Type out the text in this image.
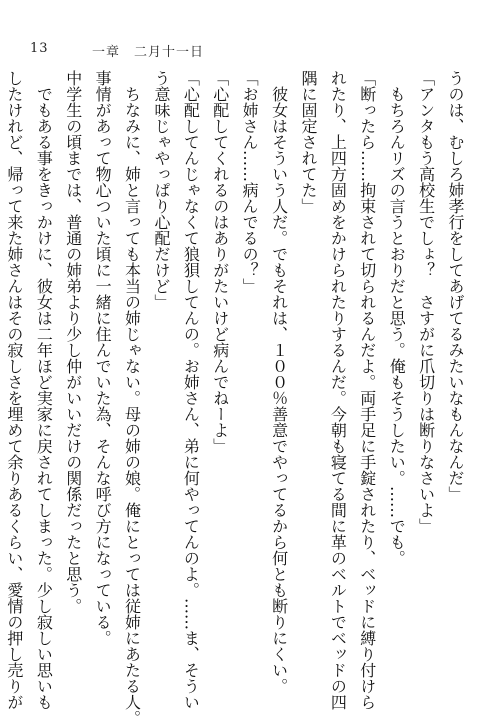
13	一章　二月十一日
うのは、むしろ姉孝行をしてあげてるみたいなもんなんだ」
「アンタもう高校生でしょ？　さすがに爪切りは断りなさいよ」
もちろんリズの言うとおりだと思う。俺もそうしたい。……でも。
「断ったら……拘束されて切られるんだよ。両手足に手錠されたり、ベッドに縛り付けら
れたり、上四方固めをかけられたりするんだ。今朝も寝てる間に革のベルトでベッドの四
隅に固定されてた」
彼女はそういう人だ。でもそれは、１００％善意でやってるから何とも断りにくい。
「お姉さん……病んでるの？」
「心配してくれるのはありがたいけど病んでねーよ」
「心配してんじゃなくて狼狽してんの。お姉さん、弟に何やってんのよ。……ま、そうい
う意味じゃやっぱり心配だけど」
ちなみに、姉と言っても本当の姉じゃない。母の姉の娘。俺にとっては従姉にあたる人。
事情があって物心ついた頃に一緒に住んでいた為、そんな呼び方になっている。
中学生の頃までは、普通の姉弟より少し仲がいいだけの関係だったと思う。
でもある事をきっかけに、彼女は二年ほど実家に戻されてしまった。少し寂しい思いも
したけれど、帰って来た姉さんはその寂しさを埋めて余りあるくらい、愛情の押し売りが
